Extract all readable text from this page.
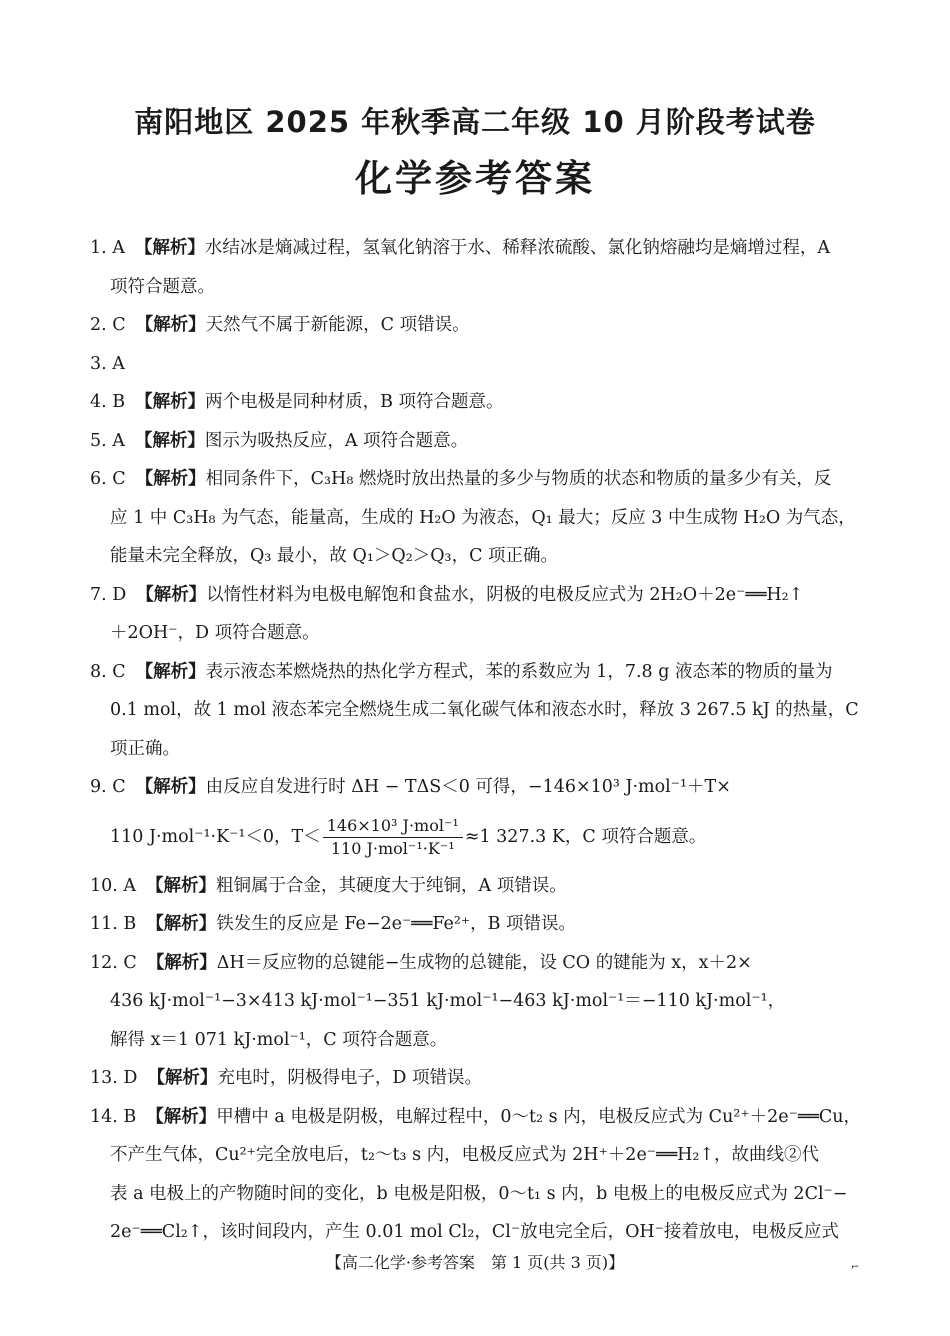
南阳地区 2025 年秋季高二年级 10 月阶段考试卷
化学参考答案
1. A 【解析】水结冰是熵减过程，氢氧化钠溶于水、稀释浓硫酸、氯化钠熔融均是熵增过程，A
项符合题意。
2. C 【解析】天然气不属于新能源，C 项错误。
3. A
4. B 【解析】两个电极是同种材质，B 项符合题意。
5. A 【解析】图示为吸热反应，A 项符合题意。
6. C 【解析】相同条件下，C₃H₈ 燃烧时放出热量的多少与物质的状态和物质的量多少有关，反
应 1 中 C₃H₈ 为气态，能量高，生成的 H₂O 为液态，Q₁ 最大；反应 3 中生成物 H₂O 为气态，
能量未完全释放，Q₃ 最小，故 Q₁＞Q₂＞Q₃，C 项正确。
7. D 【解析】以惰性材料为电极电解饱和食盐水，阴极的电极反应式为 2H₂O＋2e⁻══H₂↑
＋2OH⁻，D 项符合题意。
8. C 【解析】表示液态苯燃烧热的热化学方程式，苯的系数应为 1，7.8 g 液态苯的物质的量为
0.1 mol，故 1 mol 液态苯完全燃烧生成二氧化碳气体和液态水时，释放 3 267.5 kJ 的热量，C
项正确。
9. C 【解析】由反应自发进行时 ΔH − TΔS＜0 可得，−146×10³ J·mol⁻¹＋T×
110 J·mol⁻¹·K⁻¹＜0，$T< \frac{\text{146×10³ J·mol⁻¹}}{\text{110 J·mol⁻¹·K⁻¹}} \approx 1$ 327.3 K，C 项符合题意。
10. A 【解析】粗铜属于合金，其硬度大于纯铜，A 项错误。
11. B 【解析】铁发生的反应是 Fe−2e⁻══Fe²⁺，B 项错误。
12. C 【解析】ΔH＝反应物的总键能−生成物的总键能，设 CO 的键能为 x，x＋2×
436 kJ·mol⁻¹−3×413 kJ·mol⁻¹−351 kJ·mol⁻¹−463 kJ·mol⁻¹＝−110 kJ·mol⁻¹，
解得 x＝1 071 kJ·mol⁻¹，C 项符合题意。
13. D 【解析】充电时，阴极得电子，D 项错误。
14. B 【解析】甲槽中 a 电极是阴极，电解过程中，0～t₂ s 内，电极反应式为 Cu²⁺＋2e⁻══Cu，
不产生气体，Cu²⁺完全放电后，t₂～t₃ s 内，电极反应式为 2H⁺＋2e⁻══H₂↑，故曲线②代
表 a 电极上的产物随时间的变化，b 电极是阳极，0～t₁ s 内，b 电极上的电极反应式为 2Cl⁻−
2e⁻══Cl₂↑，该时间段内，产生 0.01 mol Cl₂，Cl⁻放电完全后，OH⁻接着放电，电极反应式
【高二化学·参考答案　第 1 页(共 3 页)】	⌐
